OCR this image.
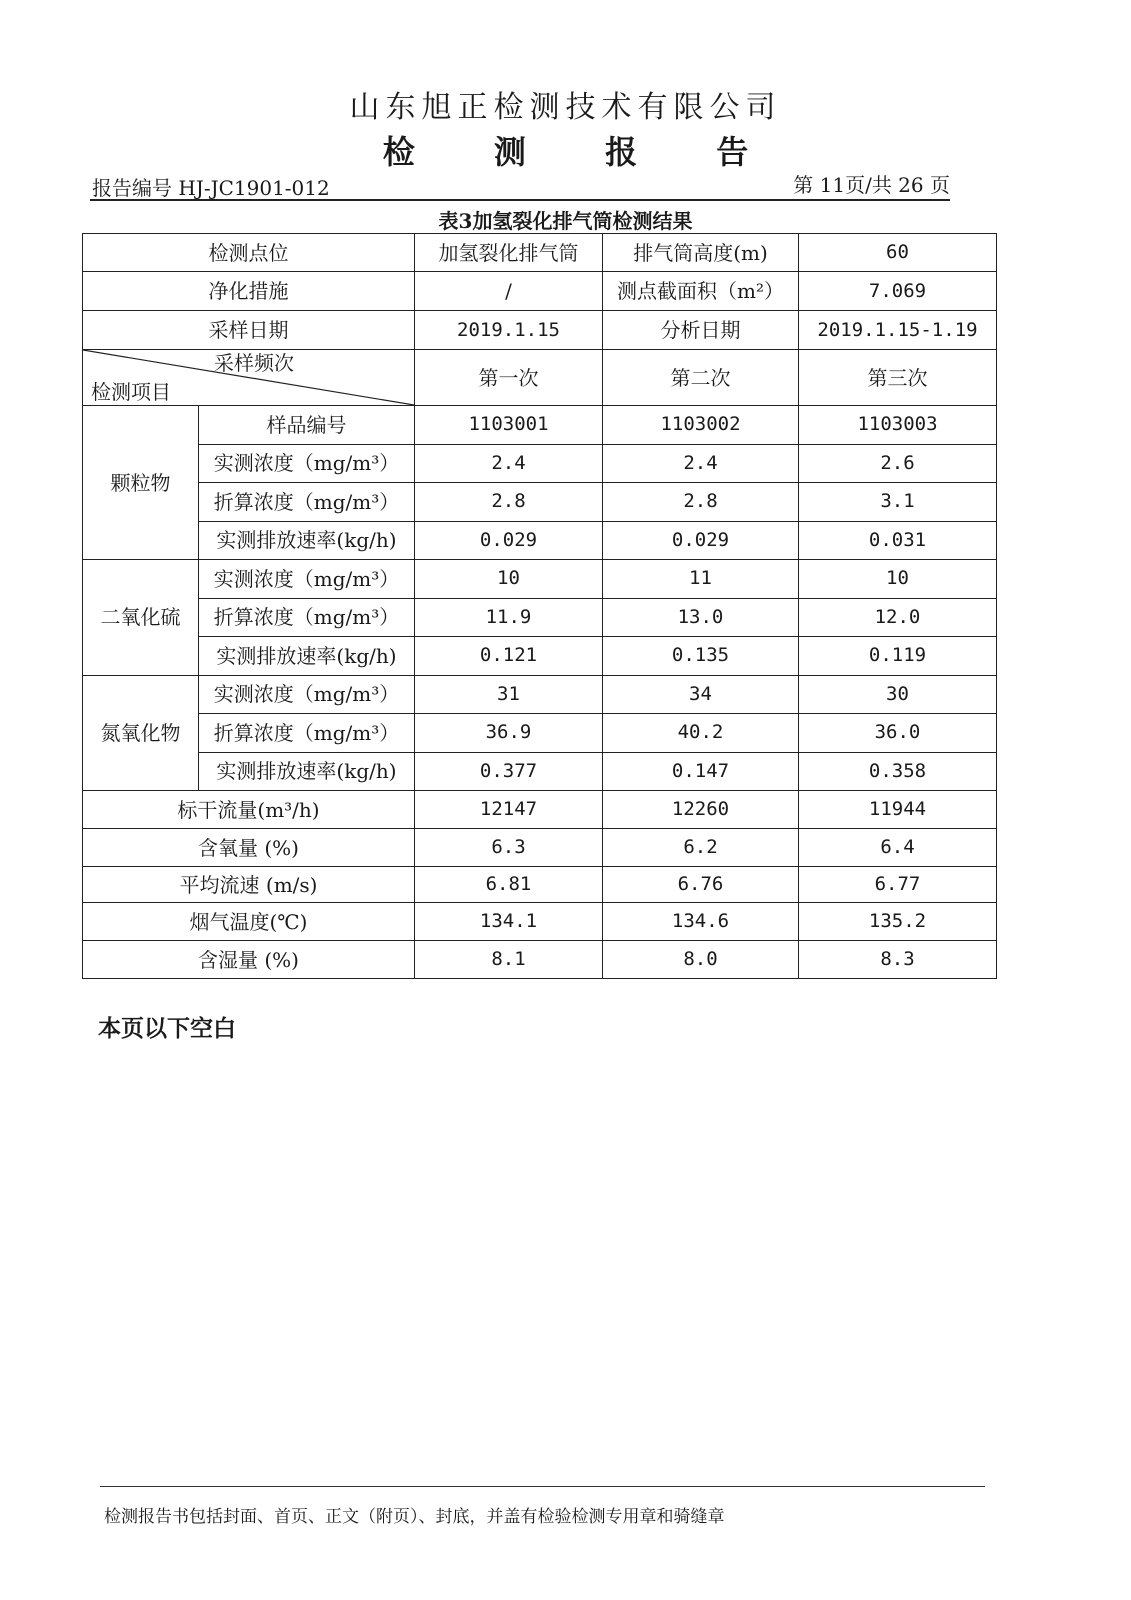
山东旭正检测技术有限公司
检 测 报 告
报告编号 HJ-JC1901-012	第 11页/共 26 页
表3加氢裂化排气筒检测结果
检测点位		加氢裂化排气筒	排气筒高度(m)	60
净化措施		/	测点截面积（m²）	7.069
采样日期		2019.1.15	分析日期	2019.1.15-1.19

采样频次
检测项目		第一次	第二次	第三次
颗粒物	样品编号	1103001	1103002	1103003
	实测浓度（mg/m³）	2.4	2.4	2.6
	折算浓度（mg/m³）	2.8	2.8	3.1
	实测排放速率(kg/h)	0.029	0.029	0.031
二氧化硫	实测浓度（mg/m³）	10	11	10
	折算浓度（mg/m³）	11.9	13.0	12.0
	实测排放速率(kg/h)	0.121	0.135	0.119
氮氧化物	实测浓度（mg/m³）	31	34	30
	折算浓度（mg/m³）	36.9	40.2	36.0
	实测排放速率(kg/h)	0.377	0.147	0.358
标干流量(m³/h)		12147	12260	11944
含氧量 (%)		6.3	6.2	6.4
平均流速 (m/s)		6.81	6.76	6.77
烟气温度(℃)		134.1	134.6	135.2
含湿量 (%)		8.1	8.0	8.3
本页以下空白
检测报告书包括封面、首页、正文（附页）、封底，并盖有检验检测专用章和骑缝章
